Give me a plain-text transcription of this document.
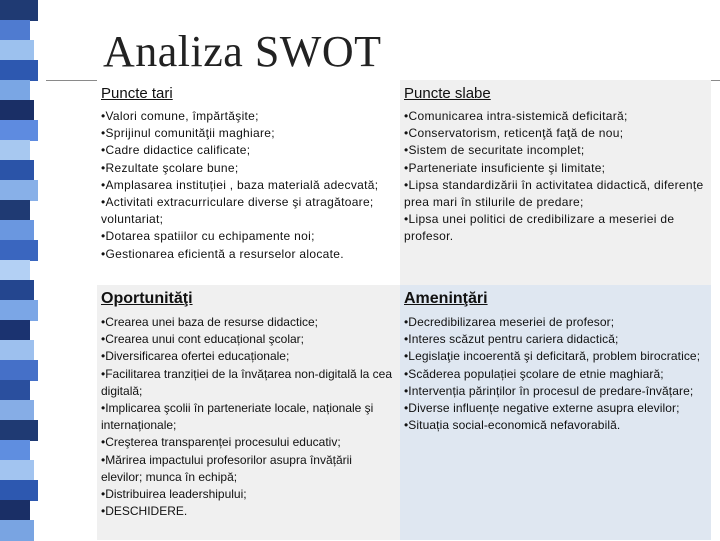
Analiza SWOT
Puncte tari
•Valori comune, împărtăşite;
•Sprijinul comunităţii maghiare;
•Cadre didactice calificate;
•Rezultate şcolare bune;
•Amplasarea instituției , baza materială adecvată;
•Activitati extracurriculare diverse şi atragătoare; voluntariat;
•Dotarea spatiilor cu echipamente noi;
•Gestionarea eficientă a resurselor alocate.
Puncte slabe
•Comunicarea intra-sistemică deficitară;
•Conservatorism, reticenţă faţă de nou;
•Sistem de securitate incomplet;
•Parteneriate insuficiente şi limitate;
•Lipsa standardizării în activitatea didactică, diferențe prea mari în stilurile de predare;
•Lipsa unei politici de credibilizare a meseriei de profesor.
Oportunităţi
•Crearea unei baza de resurse didactice;
•Crearea unui cont educațional şcolar;
•Diversificarea ofertei educaționale;
•Facilitarea tranziției de la învățarea non-digitală la cea digitală;
•Implicarea şcolii în parteneriate locale, naționale şi internaționale;
•Creşterea transparenței procesului educativ;
•Mărirea impactului profesorilor asupra învățării elevilor; munca în echipă;
•Distribuirea leadershipului;
•DESCHIDERE.
Ameninţări
•Decredibilizarea meseriei de profesor;
•Interes scăzut pentru cariera didactică;
•Legislaţie incoerentă şi deficitară, problem birocratice;
•Scăderea populației şcolare de etnie maghiară;
•Intervenția părinților în procesul de predare-învățare;
•Diverse influențe negative externe asupra elevilor;
•Situația social-economică nefavorabilă.
